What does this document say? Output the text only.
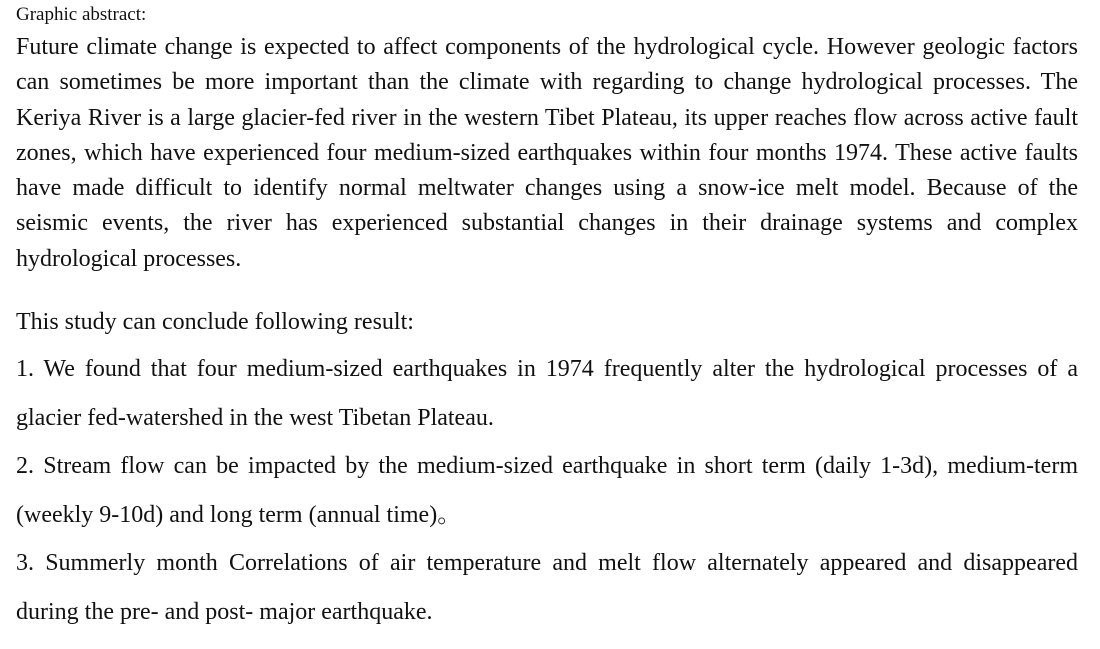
Graphic abstract:

Future climate change is expected to affect components of the hydrological cycle. However geologic factors can sometimes be more important than the climate with regarding to change hydrological processes. The Keriya River is a large glacier-fed river in the western Tibet Plateau, its upper reaches flow across active fault zones, which have experienced four medium-sized earthquakes within four months 1974. These active faults have made difficult to identify normal meltwater changes using a snow-ice melt model. Because of the seismic events, the river has experienced substantial changes in their drainage systems and complex hydrological processes.

This study can conclude following result:

1. We found that four medium-sized earthquakes in 1974 frequently alter the hydrological processes of a glacier fed-watershed in the west Tibetan Plateau.

2. Stream flow can be impacted by the medium-sized earthquake in short term (daily 1-3d), medium-term (weekly 9-10d) and long term (annual time)。

3. Summerly month Correlations of air temperature and melt flow alternately appeared and disappeared during the pre- and post- major earthquake.
